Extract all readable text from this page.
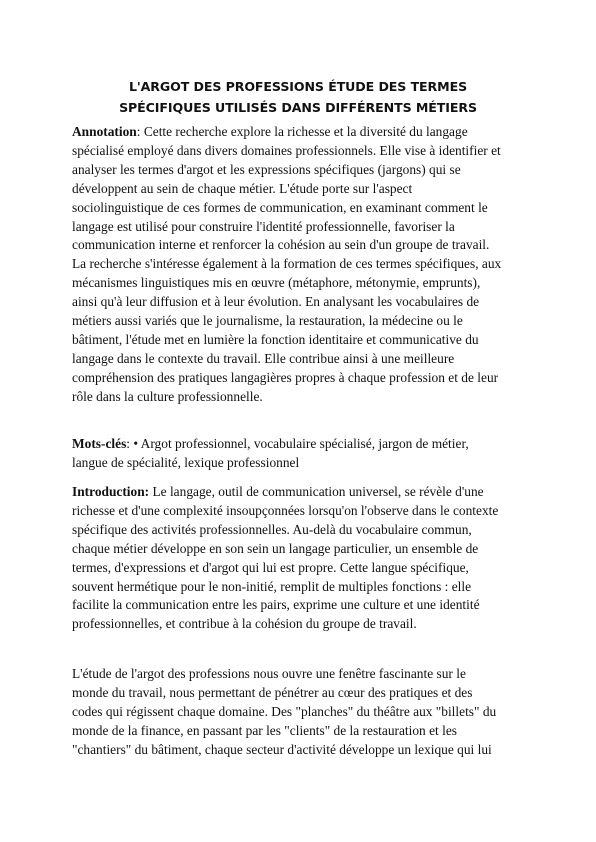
L'ARGOT DES PROFESSIONS ÉTUDE DES TERMES
SPÉCIFIQUES UTILISÉS DANS DIFFÉRENTS MÉTIERS
Annotation: Cette recherche explore la richesse et la diversité du langage
spécialisé employé dans divers domaines professionnels. Elle vise à identifier et
analyser les termes d'argot et les expressions spécifiques (jargons) qui se
développent au sein de chaque métier. L'étude porte sur l'aspect
sociolinguistique de ces formes de communication, en examinant comment le
langage est utilisé pour construire l'identité professionnelle, favoriser la
communication interne et renforcer la cohésion au sein d'un groupe de travail.
La recherche s'intéresse également à la formation de ces termes spécifiques, aux
mécanismes linguistiques mis en œuvre (métaphore, métonymie, emprunts),
ainsi qu'à leur diffusion et à leur évolution. En analysant les vocabulaires de
métiers aussi variés que le journalisme, la restauration, la médecine ou le
bâtiment, l'étude met en lumière la fonction identitaire et communicative du
langage dans le contexte du travail. Elle contribue ainsi à une meilleure
compréhension des pratiques langagières propres à chaque profession et de leur
rôle dans la culture professionnelle.
Mots-clés: • Argot professionnel, vocabulaire spécialisé, jargon de métier,
langue de spécialité, lexique professionnel
Introduction: Le langage, outil de communication universel, se révèle d'une
richesse et d'une complexité insoupçonnées lorsqu'on l'observe dans le contexte
spécifique des activités professionnelles. Au-delà du vocabulaire commun,
chaque métier développe en son sein un langage particulier, un ensemble de
termes, d'expressions et d'argot qui lui est propre. Cette langue spécifique,
souvent hermétique pour le non-initié, remplit de multiples fonctions : elle
facilite la communication entre les pairs, exprime une culture et une identité
professionnelles, et contribue à la cohésion du groupe de travail.
L'étude de l'argot des professions nous ouvre une fenêtre fascinante sur le
monde du travail, nous permettant de pénétrer au cœur des pratiques et des
codes qui régissent chaque domaine. Des "planches" du théâtre aux "billets" du
monde de la finance, en passant par les "clients" de la restauration et les
"chantiers" du bâtiment, chaque secteur d'activité développe un lexique qui lui
